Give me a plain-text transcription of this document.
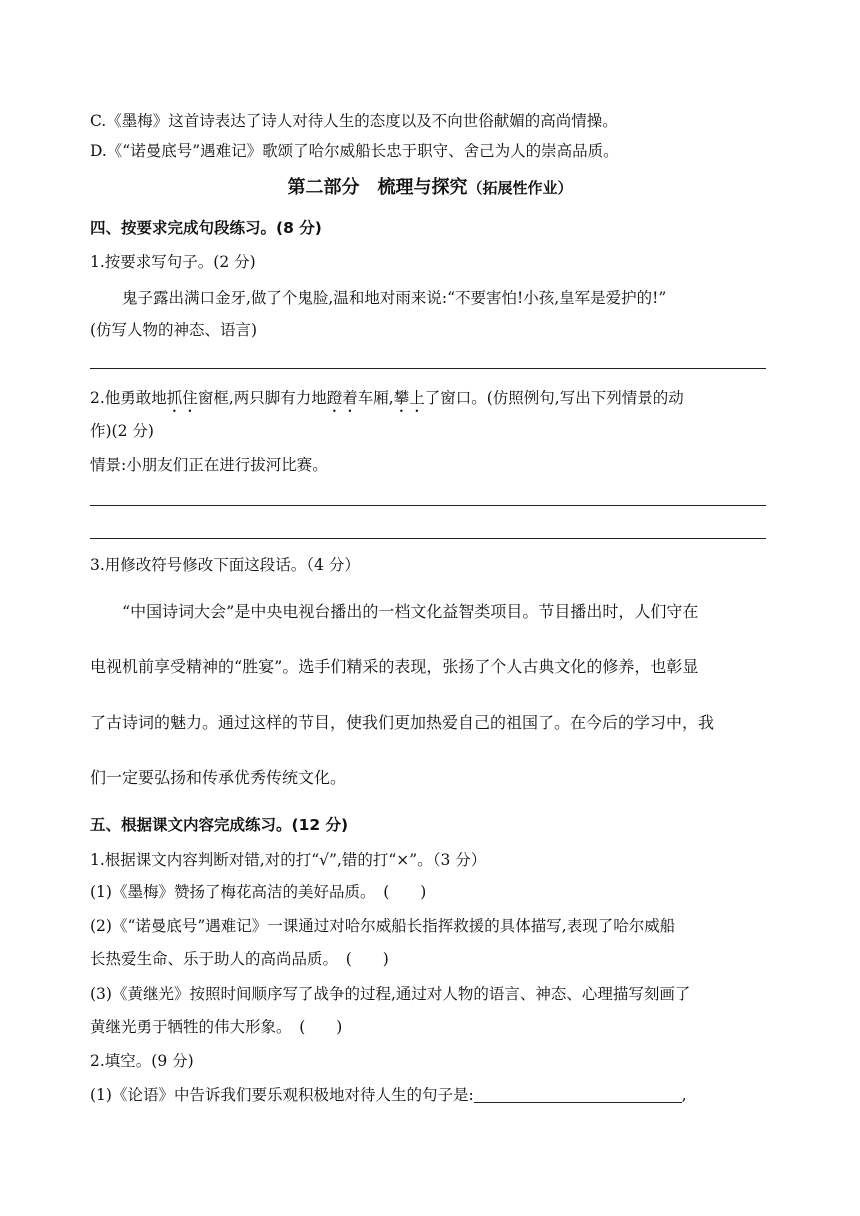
C.《墨梅》这首诗表达了诗人对待人生的态度以及不向世俗献媚的高尚情操。
D.《“诺曼底号”遇难记》歌颂了哈尔威船长忠于职守、舍己为人的崇高品质。
第二部分　梳理与探究（拓展性作业）
四、按要求完成句段练习。(8 分)
1.按要求写句子。(2 分)
鬼子露出满口金牙,做了个鬼脸,温和地对雨来说:“不要害怕!小孩,皇军是爱护的!”
(仿写人物的神态、语言)
2.他勇敢地抓住窗框,两只脚有力地蹬着车厢,攀上了窗口。(仿照例句,写出下列情景的动
作)(2 分)
情景:小朋友们正在进行拔河比赛。
3.用修改符号修改下面这段话。（4 分）
“中国诗词大会”是中央电视台播出的一档文化益智类项目。节目播出时，人们守在
电视机前享受精神的“胜宴”。选手们精采的表现，张扬了个人古典文化的修养，也彰显
了古诗词的魅力。通过这样的节目，使我们更加热爱自己的祖国了。在今后的学习中，我
们一定要弘扬和传承优秀传统文化。
五、根据课文内容完成练习。(12 分)
1.根据课文内容判断对错,对的打“√”,错的打“×”。（3 分）
(1)《墨梅》赞扬了梅花高洁的美好品质。　(　　)
(2)《“诺曼底号”遇难记》一课通过对哈尔威船长指挥救援的具体描写,表现了哈尔威船
长热爱生命、乐于助人的高尚品质。　(　　)
(3)《黄继光》按照时间顺序写了战争的过程,通过对人物的语言、神态、心理描写刻画了
黄继光勇于牺牲的伟大形象。　(　　)
2.填空。(9 分)
(1)《论语》中告诉我们要乐观积极地对待人生的句子是:	,
